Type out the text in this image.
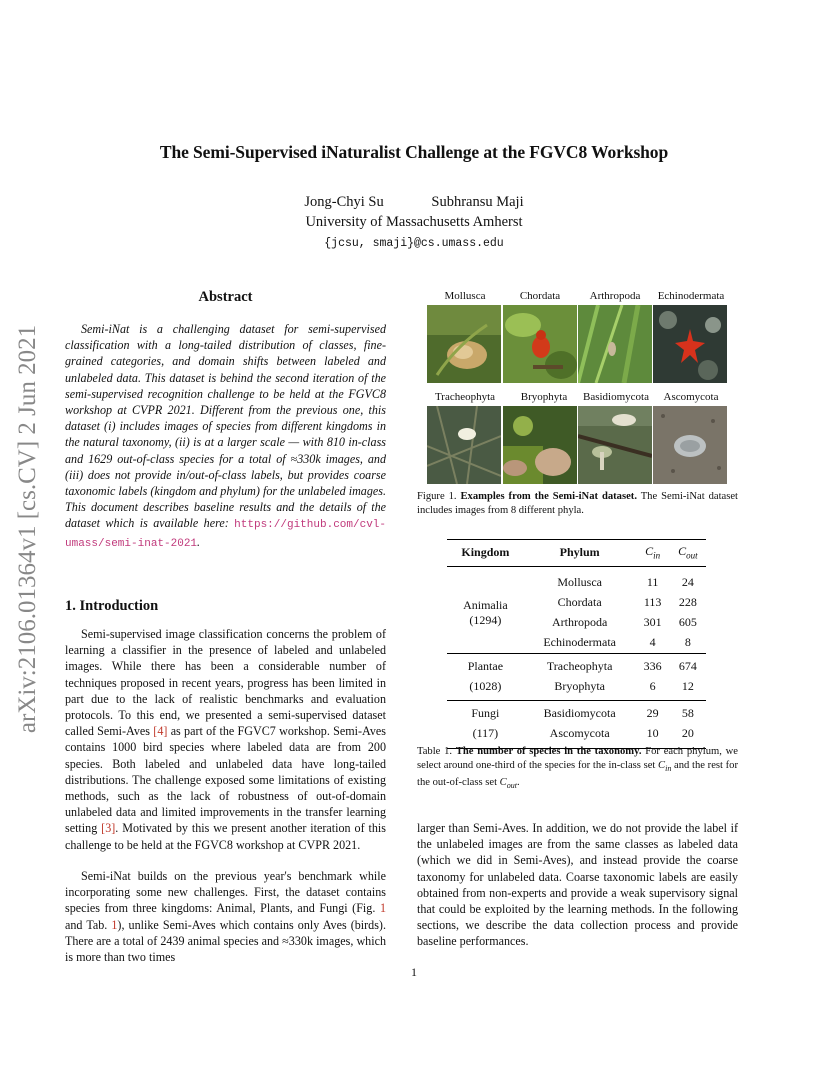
The Semi-Supervised iNaturalist Challenge at the FGVC8 Workshop
Jong-Chyi Su	Subhransu Maji
University of Massachusetts Amherst
{jcsu, smaji}@cs.umass.edu
arXiv:2106.01364v1 [cs.CV] 2 Jun 2021
Abstract
Semi-iNat is a challenging dataset for semi-supervised classification with a long-tailed distribution of classes, fine-grained categories, and domain shifts between labeled and unlabeled data. This dataset is behind the second iteration of the semi-supervised recognition challenge to be held at the FGVC8 workshop at CVPR 2021. Different from the previous one, this dataset (i) includes images of species from different kingdoms in the natural taxonomy, (ii) is at a larger scale — with 810 in-class and 1629 out-of-class species for a total of ≈330k images, and (iii) does not provide in/out-of-class labels, but provides coarse taxonomic labels (kingdom and phylum) for the unlabeled images. This document describes baseline results and the details of the dataset which is available here: https://github.com/cvl-umass/semi-inat-2021.
1. Introduction
Semi-supervised image classification concerns the problem of learning a classifier in the presence of labeled and unlabeled images. While there has been a considerable number of techniques proposed in recent years, progress has been limited in part due to the lack of realistic benchmarks and evaluation protocols. To this end, we presented a semi-supervised dataset called Semi-Aves [4] as part of the FGVC7 workshop. Semi-Aves contains 1000 bird species where labeled data are from 200 species. Both labeled and unlabeled data have long-tailed distributions. The challenge exposed some limitations of existing methods, such as the lack of robustness of out-of-domain unlabeled data and limited improvements in the transfer learning setting [3]. Motivated by this we present another iteration of this challenge to be held at the FGVC8 workshop at CVPR 2021.
Semi-iNat builds on the previous year's benchmark while incorporating some new challenges. First, the dataset contains species from three kingdoms: Animal, Plants, and Fungi (Fig. 1 and Tab. 1), unlike Semi-Aves which contains only Aves (birds). There are a total of 2439 animal species and ≈330k images, which is more than two times
Mollusca	Chordata	Arthropoda	Echinodermata
Tracheophyta	Bryophyta	Basidiomycota	Ascomycota
Figure 1. Examples from the Semi-iNat dataset. The Semi-iNat dataset includes images from 8 different phyla.
Kingdom	Phylum	$C_{in}$	$C_{out}$

Animalia
(1294)	Mollusca	11	24
	Chordata	113	228
	Arthropoda	301	605
	Echinodermata	4	8
Plantae	Tracheophyta	336	674
(1028)	Bryophyta	6	12
Fungi	Basidiomycota	29	58
(117)	Ascomycota	10	20
Table 1. The number of species in the taxonomy. For each phylum, we select around one-third of the species for the in-class set $C_{in}$ and the rest for the out-of-class set $C_{out}$.
larger than Semi-Aves. In addition, we do not provide the label if the unlabeled images are from the same classes as labeled data (which we did in Semi-Aves), and instead provide the coarse taxonomy for unlabeled data. Coarse taxonomic labels are easily obtained from non-experts and provide a weak supervisory signal that could be exploited by the learning methods. In the following sections, we describe the data collection process and provide baseline performances.
1
